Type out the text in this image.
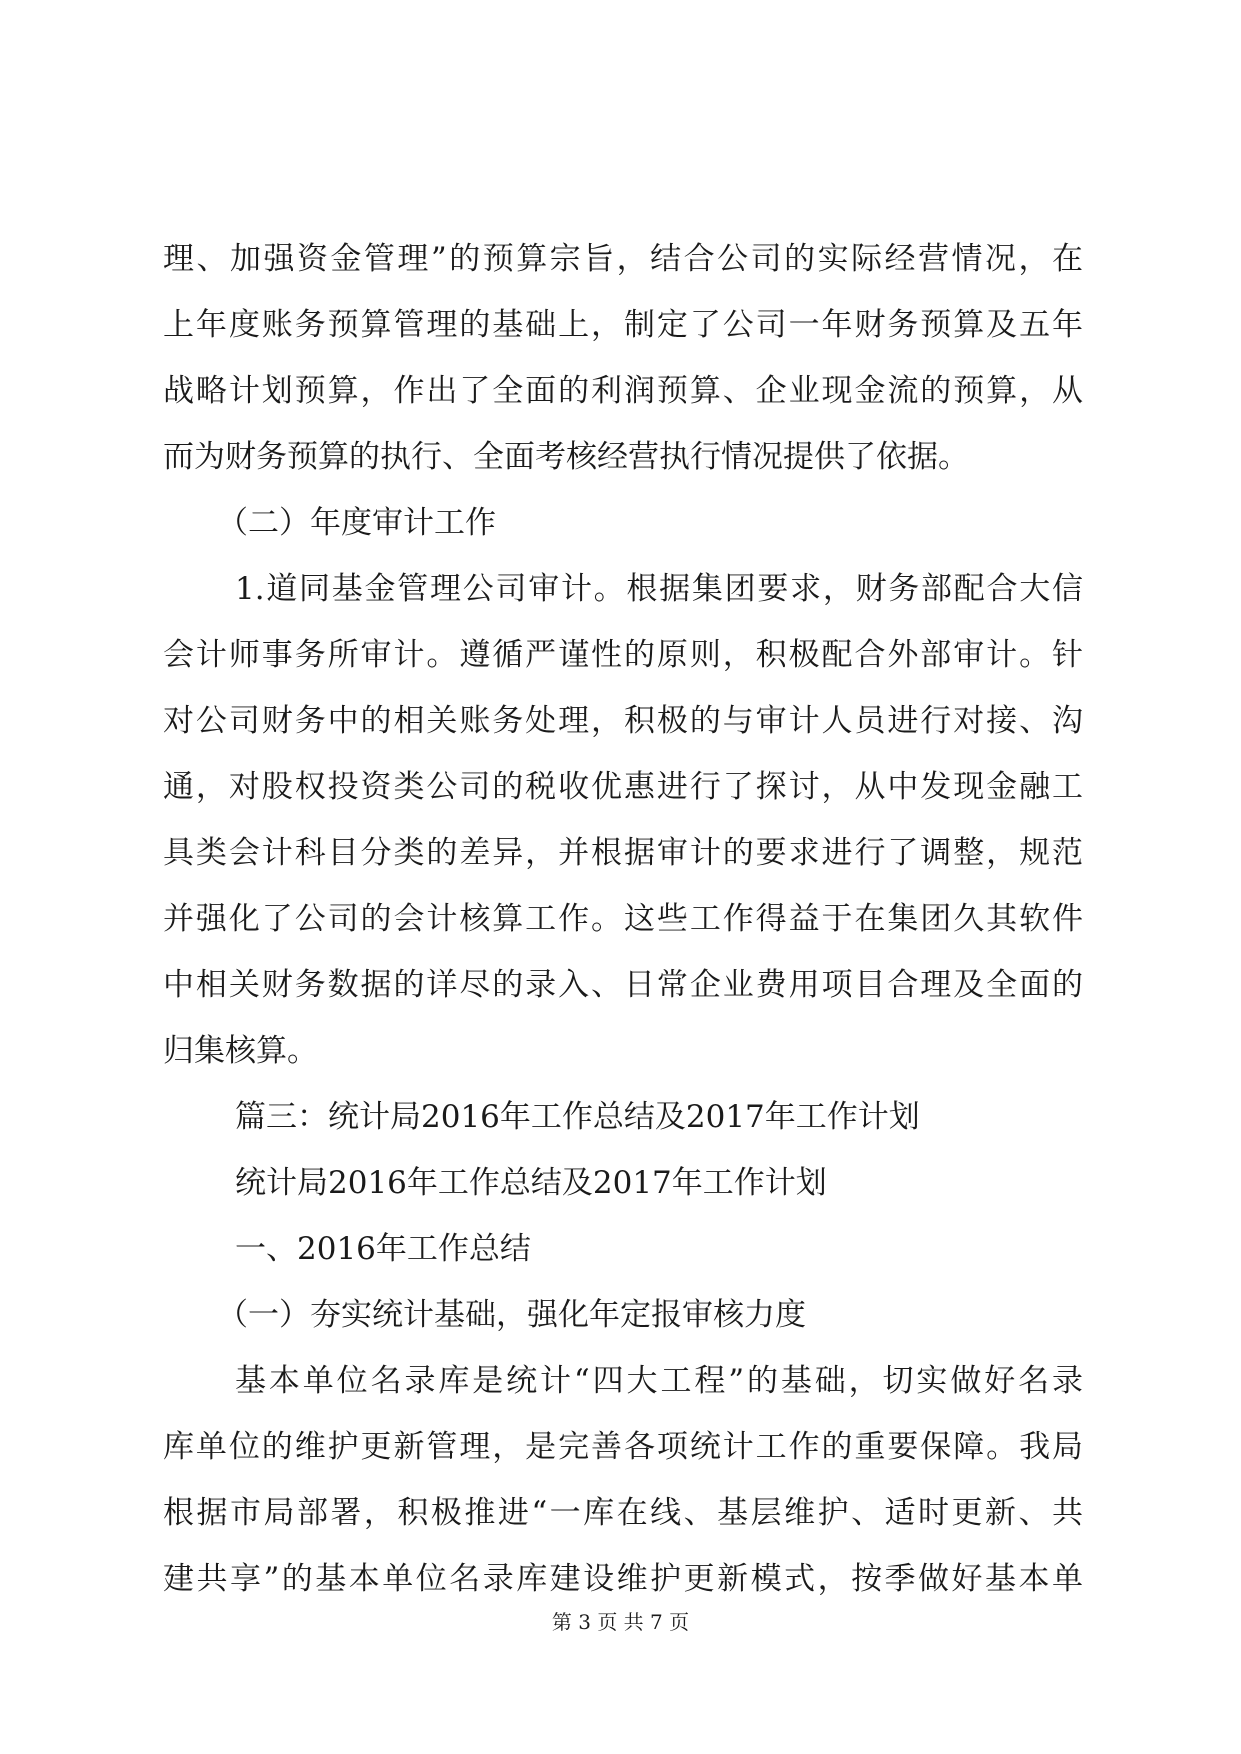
理、加强资金管理”的预算宗旨，结合公司的实际经营情况，在
上年度账务预算管理的基础上，制定了公司一年财务预算及五年
战略计划预算，作出了全面的利润预算、企业现金流的预算，从
而为财务预算的执行、全面考核经营执行情况提供了依据。
（二）年度审计工作
1.道同基金管理公司审计。根据集团要求，财务部配合大信
会计师事务所审计。遵循严谨性的原则，积极配合外部审计。针
对公司财务中的相关账务处理，积极的与审计人员进行对接、沟
通，对股权投资类公司的税收优惠进行了探讨，从中发现金融工
具类会计科目分类的差异，并根据审计的要求进行了调整，规范
并强化了公司的会计核算工作。这些工作得益于在集团久其软件
中相关财务数据的详尽的录入、日常企业费用项目合理及全面的
归集核算。
篇三：统计局2016年工作总结及2017年工作计划
统计局2016年工作总结及2017年工作计划
一、2016年工作总结
（一）夯实统计基础，强化年定报审核力度
基本单位名录库是统计“四大工程”的基础，切实做好名录
库单位的维护更新管理，是完善各项统计工作的重要保障。我局
根据市局部署，积极推进“一库在线、基层维护、适时更新、共
建共享”的基本单位名录库建设维护更新模式，按季做好基本单
第 3 页 共 7 页
